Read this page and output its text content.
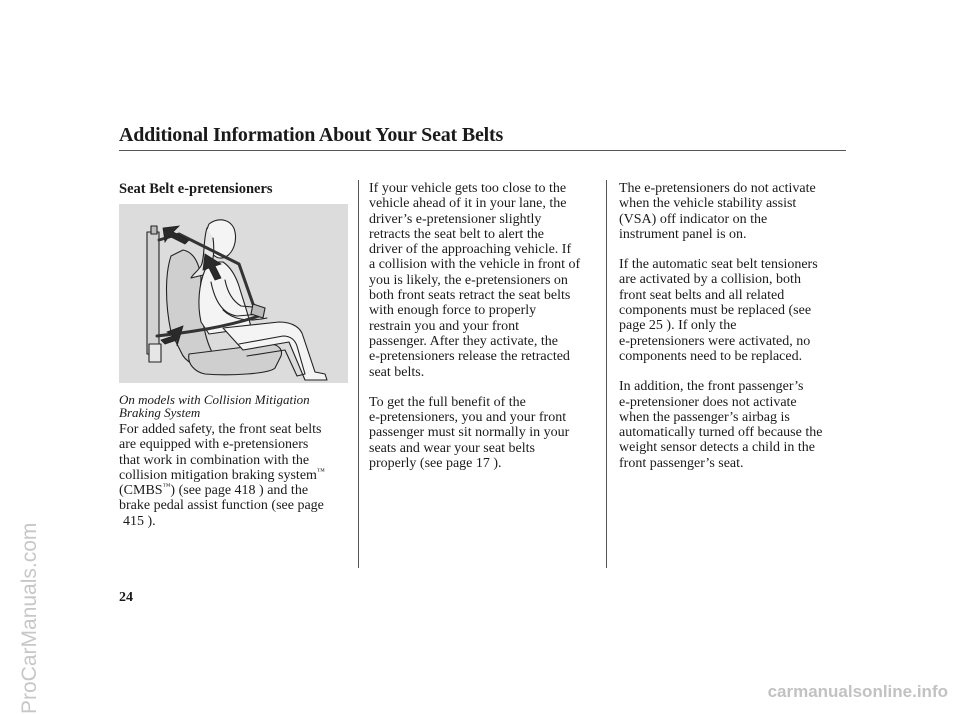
Additional Information About Your Seat Belts
Seat Belt e-pretensioners
On models with Collision Mitigation
Braking System

For added safety, the front seat belts

are equipped with e-pretensioners

that work in combination with the

collision mitigation braking system™

(CMBS™) (see page 418 ) and the

brake pedal assist function (see page

415 ).

If your vehicle gets too close to the

vehicle ahead of it in your lane, the

driver’s e-pretensioner slightly

retracts the seat belt to alert the

driver of the approaching vehicle. If

a collision with the vehicle in front of

you is likely, the e-pretensioners on

both front seats retract the seat belts

with enough force to properly

restrain you and your front

passenger. After they activate, the

e-pretensioners release the retracted

seat belts.

To get the full benefit of the

e-pretensioners, you and your front

passenger must sit normally in your

seats and wear your seat belts

properly (see page 17 ).

The e-pretensioners do not activate

when the vehicle stability assist

(VSA) off indicator on the

instrument panel is on.

If the automatic seat belt tensioners

are activated by a collision, both

front seat belts and all related

components must be replaced (see

page 25 ). If only the

e-pretensioners were activated, no

components need to be replaced.

In addition, the front passenger’s

e-pretensioner does not activate

when the passenger’s airbag is

automatically turned off because the

weight sensor detects a child in the

front passenger’s seat.

24
ProCarManuals.com	carmanualsonline.info
